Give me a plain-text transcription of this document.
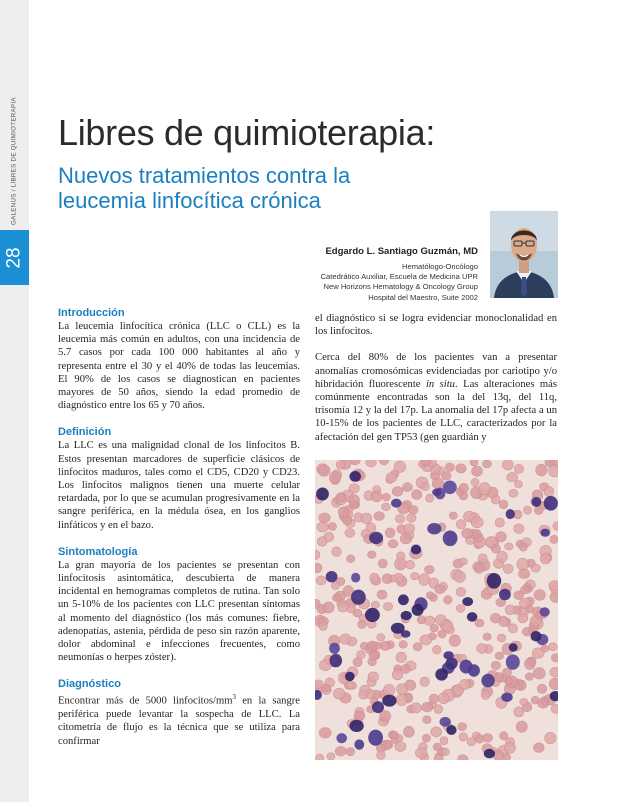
GALENUS / LIBRES DE QUIMIOTERAPIA
28
Libres de quimioterapia:
Nuevos tratamientos contra la leucemia linfocítica crónica
Edgardo L. Santiago Guzmán, MD
Hematólogo-Oncólogo
Catedrático Auxiliar, Escuela de Medicina UPR
New Horizons Hematology & Oncology Group
Hospital del Maestro, Suite 2002
Introducción

La leucemia linfocítica crónica (LLC o CLL) es la leucemia más común en adultos, con una incidencia de 5.7 casos por cada 100 000 habitantes al año y representa entre el 30 y el 40% de todas las leucemias. El 90% de los casos se diagnostican en pacientes mayores de 50 años, siendo la edad promedio de diagnóstico entre los 65 y 70 años.

Definición

La LLC es una malignidad clonal de los linfocitos B. Estos presentan marcadores de superficie clásicos de linfocitos maduros, tales como el CD5, CD20 y CD23. Los linfocitos malignos tienen una muerte celular retardada, por lo que se acumulan progresivamente en la sangre periférica, en la médula ósea, en los ganglios linfáticos y en el bazo.

Sintomatología

La gran mayoría de los pacientes se presentan con linfocitosis asintomática, descubierta de manera incidental en hemogramas completos de rutina. Tan solo un 5-10% de los pacientes con LLC presentan síntomas al momento del diagnóstico (los más comunes: fiebre, adenopatías, astenia, pérdida de peso sin razón aparente, dolor abdominal e infecciones frecuentes, como neumonías o herpes zóster).

Diagnóstico

Encontrar más de 5000 linfocitos/$mm^3$ en la sangre periférica puede levantar la sospecha de LLC. La citometría de flujo es la técnica que se utiliza para confirmar

el diagnóstico si se logra evidenciar monoclonalidad en los linfocitos.

Cerca del 80% de los pacientes van a presentar anomalías cromosómicas evidenciadas por cariotipo y/o hibridación fluorescente in situ. Las alteraciones más comúnmente encontradas son la del 13q, del 11q, trisomía 12 y la del 17p. La anomalía del 17p afecta a un 10-15% de los pacientes de LLC, caracterizados por la afectación del gen TP53 (gen guardián y
